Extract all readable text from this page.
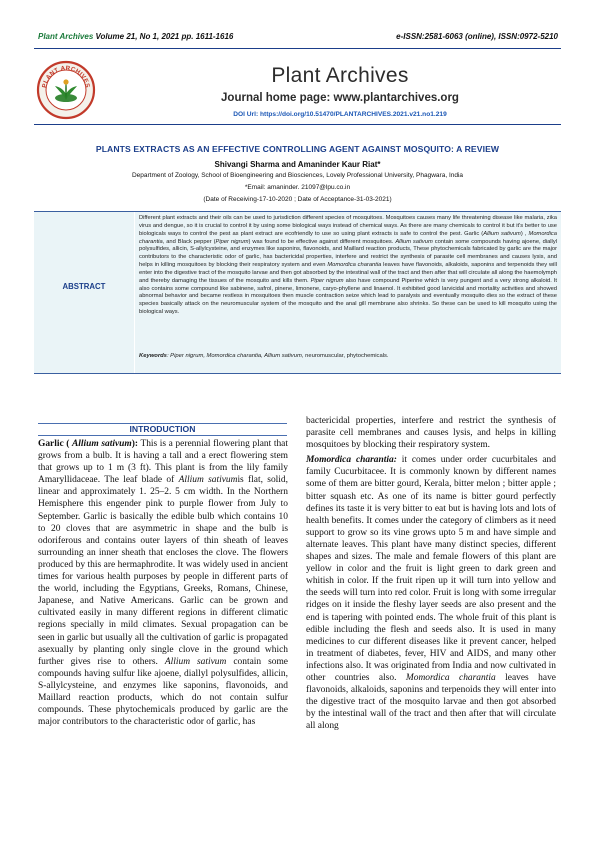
Plant Archives Volume 21, No 1, 2021 pp. 1611-1616	e-ISSN:2581-6063 (online), ISSN:0972-5210
PLANT ARCHIVES	Plant Archives
Journal home page: www.plantarchives.org
DOI Url: https://doi.org/10.51470/PLANTARCHIVES.2021.v21.no1.219
PLANTS EXTRACTS AS AN EFFECTIVE CONTROLLING AGENT AGAINST MOSQUITO: A REVIEW
Shivangi Sharma and Amaninder Kaur Riat*
Department of Zoology, School of Bioengineering and Biosciences, Lovely Professional University, Phagwara, India
*Email: amaninder. 21097@lpu.co.in
(Date of Receiving-17-10-2020 ; Date of Acceptance-31-03-2021)
ABSTRACT
Different plant extracts and their oils can be used to jurisdiction different species of mosquitoes. Mosquitoes causes many life threatening disease like malaria, zika virus and dengue, so it is crucial to control it by using some biological ways instead of chemical ways. As there are many chemicals to control it but it's better to use biologicals ways to control the pest as plant extract are ecofriendly to use so using plant extracts is safe to control the pest. Garlic (Allium sativum) , Momordica charantia, and Black pepper (Piper nigrum) was found to be effective against different mosquitoes. Allium sativum contain some compounds having ajoene, diallyl polysulfides, allicin, S-allylcysteine, and enzymes like saponins, flavonoids, and Maillard reaction products, These phytochemicals fabricated by garlic are the major contributors to the characteristic odor of garlic, has bactericidal properties, interfere and restrict the synthesis of parasite cell membranes and causes lysis, and helps in killing mosquitoes by blocking their respiratory system and even Momordica charantia leaves have flavonoids, alkaloids, saponins and terpenoids they will enter into the digestive tract of the mosquito larvae and then got absorbed by the intestinal wall of the tract and then after that will circulate all along the haemolymph and thereby damaging the tissues of the mosquito and kills them. Piper nigrum also have compound Piperine which is very pungent and a very strong alkaloid. It also contains some compound like sabinene, safrol, pinene, limonene, caryo-phyllene and linaenol. It exhibited good larvicidal and mortality activities and showed abnormal behavior and became restless in mosquitoes then muscle contraction seize which lead to paralysis and eventually mosquito dies so the extract of these species basically attack on the neuromuscular system of the mosquito and the anal gill membrane also shrinks. So these can be used to kill mosquito using the biological ways.
Keywords: Piper nigrum, Momordica charantia, Allium sativum, neuromuscular, phytochemicals.
INTRODUCTION

Garlic ( Allium sativum): This is a perennial flowering plant that grows from a bulb. It is having a tall and a erect flowering stem that grows up to 1 m (3 ft). This plant is from the lily family Amaryllidaceae. The leaf blade of Allium sativumis flat, solid, linear and approximately 1. 25–2. 5 cm width. In the Northern Hemisphere this engender pink to purple flower from July to September. Garlic is basically the edible bulb which contains 10 to 20 cloves that are asymmetric in shape and the bulb is odoriferous and contains outer layers of thin sheath of leaves surrounding an inner sheath that encloses the clove. The flowers produced by this are hermaphrodite. It was widely used in ancient times for various health purposes by people in different parts of the world, including the Egyptians, Greeks, Romans, Chinese, Japanese, and Native Americans. Garlic can be grown and cultivated easily in many different regions in different climatic regions specially in mild climates. Sexual propagation can be seen in garlic but usually all the cultivation of garlic is propagated asexually by planting only single clove in the ground which further gives rise to others. Allium sativum contain some compounds having sulfur like ajoene, diallyl polysulfides, allicin, S-allylcysteine, and enzymes like saponins, flavonoids, and Maillard reaction products, which do not contain sulfur compounds. These phytochemicals produced by garlic are the major contributors to the characteristic odor of garlic, has

bactericidal properties, interfere and restrict the synthesis of parasite cell membranes and causes lysis, and helps in killing mosquitoes by blocking their respiratory system.

Momordica charantia: it comes under order cucurbitales and family Cucurbitacee. It is commonly known by different names some of them are bitter gourd, Kerala, bitter melon ; bitter apple ; bitter squash etc. As one of its name is bitter gourd perfectly defines its taste it is very bitter to eat but is having lots and lots of health benefits. It comes under the category of climbers as it need support to grow so its vine grows upto 5 m and have simple and alternate leaves. This plant have many distinct species, different shapes and sizes. The male and female flowers of this plant are yellow in color and the fruit is light green to dark green and whitish in color. If the fruit ripen up it will turn into yellow and the seeds will turn into red color. Fruit is long with some irregular ridges on it inside the fleshy layer seeds are also present and the end is tapering with pointed ends. The whole fruit of this plant is edible including the flesh and seeds also. It is used in many medicines to cur different diseases like it prevent cancer, helped in treatment of diabetes, fever, HIV and AIDS, and many other infections also. It was originated from India and now cultivated in other countries also. Momordica charantia leaves have flavonoids, alkaloids, saponins and terpenoids they will enter into the digestive tract of the mosquito larvae and then got absorbed by the intestinal wall of the tract and then after that will circulate all along
